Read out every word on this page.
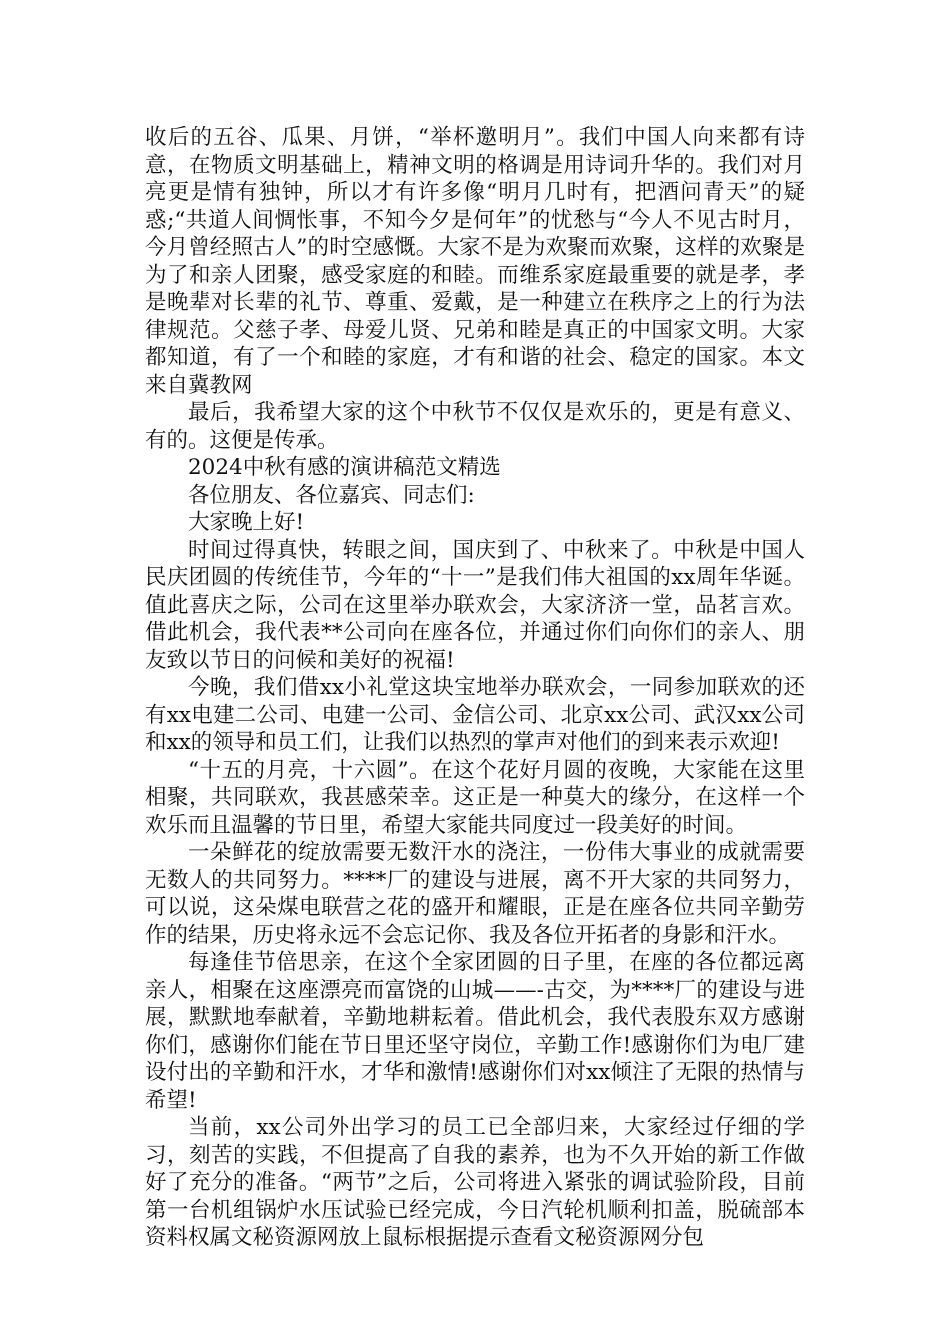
收后的五谷、瓜果、月饼，“举杯邀明月”。我们中国人向来都有诗意，在物质文明基础上，精神文明的格调是用诗词升华的。我们对月亮更是情有独钟，所以才有许多像“明月几时有，把酒问青天”的疑惑;“共道人间惆怅事，不知今夕是何年”的忧愁与“今人不见古时月，今月曾经照古人”的时空感慨。大家不是为欢聚而欢聚，这样的欢聚是为了和亲人团聚，感受家庭的和睦。而维系家庭最重要的就是孝，孝是晚辈对长辈的礼节、尊重、爱戴，是一种建立在秩序之上的行为法律规范。父慈子孝、母爱儿贤、兄弟和睦是真正的中国家文明。大家都知道，有了一个和睦的家庭，才有和谐的社会、稳定的国家。本文来自冀教网

最后，我希望大家的这个中秋节不仅仅是欢乐的，更是有意义、有的。这便是传承。

2024中秋有感的演讲稿范文精选

各位朋友、各位嘉宾、同志们:

大家晚上好!

时间过得真快，转眼之间，国庆到了、中秋来了。中秋是中国人民庆团圆的传统佳节，今年的“十一”是我们伟大祖国的xx周年华诞。值此喜庆之际，公司在这里举办联欢会，大家济济一堂，品茗言欢。借此机会，我代表**公司向在座各位，并通过你们向你们的亲人、朋友致以节日的问候和美好的祝福!

今晚，我们借xx小礼堂这块宝地举办联欢会，一同参加联欢的还有xx电建二公司、电建一公司、金信公司、北京xx公司、武汉xx公司和xx的领导和员工们，让我们以热烈的掌声对他们的到来表示欢迎!

“十五的月亮，十六圆”。在这个花好月圆的夜晚，大家能在这里相聚，共同联欢，我甚感荣幸。这正是一种莫大的缘分，在这样一个欢乐而且温馨的节日里，希望大家能共同度过一段美好的时间。

一朵鲜花的绽放需要无数汗水的浇注，一份伟大事业的成就需要无数人的共同努力。****厂的建设与进展，离不开大家的共同努力，可以说，这朵煤电联营之花的盛开和耀眼，正是在座各位共同辛勤劳作的结果，历史将永远不会忘记你、我及各位开拓者的身影和汗水。

每逢佳节倍思亲，在这个全家团圆的日子里，在座的各位都远离亲人，相聚在这座漂亮而富饶的山城——-古交，为****厂的建设与进展，默默地奉献着，辛勤地耕耘着。借此机会，我代表股东双方感谢你们，感谢你们能在节日里还坚守岗位，辛勤工作!感谢你们为电厂建设付出的辛勤和汗水，才华和激情!感谢你们对xx倾注了无限的热情与希望!

当前，xx公司外出学习的员工已全部归来，大家经过仔细的学习，刻苦的实践，不但提高了自我的素养，也为不久开始的新工作做好了充分的准备。“两节”之后，公司将进入紧张的调试验阶段，目前第一台机组锅炉水压试验已经完成，今日汽轮机顺利扣盖，脱硫部本资料权属文秘资源网放上鼠标根据提示查看文秘资源网分包
